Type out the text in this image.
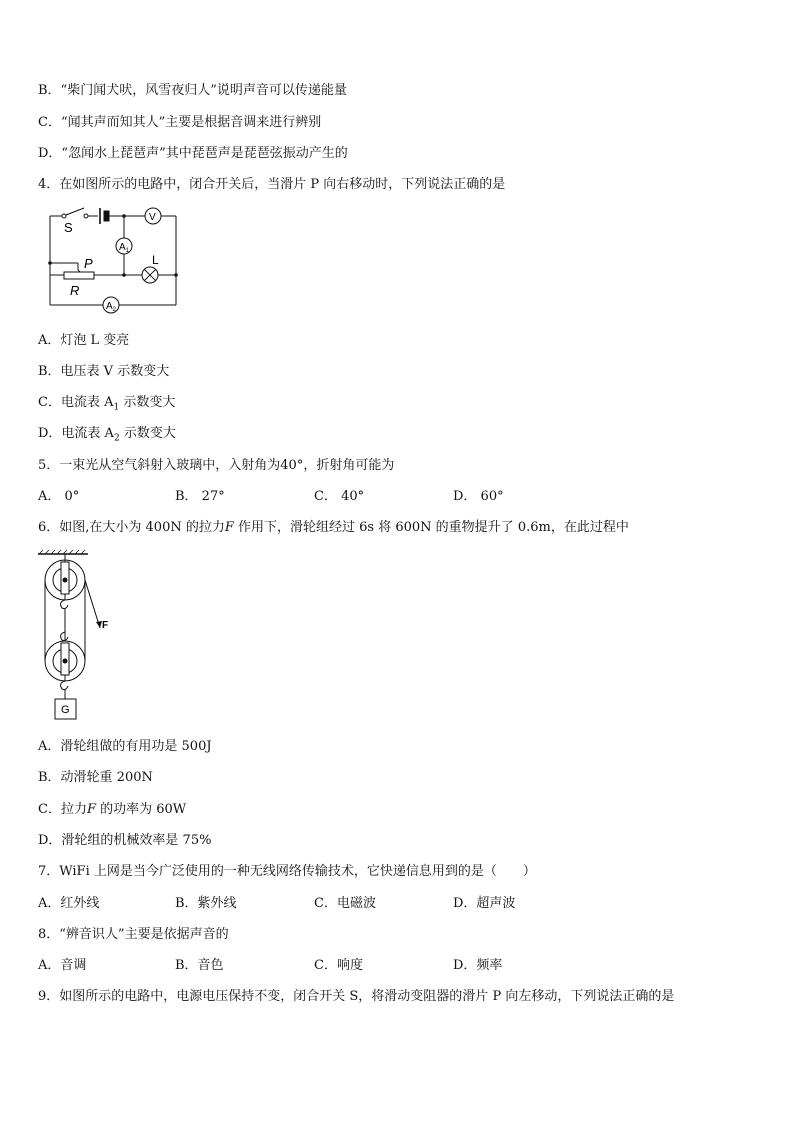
B．“柴门闻犬吠，风雪夜归人”说明声音可以传递能量
C．“闻其声而知其人”主要是根据音调来进行辨别
D．“忽闻水上琵琶声”其中琵琶声是琵琶弦振动产生的
4．在如图所示的电路中，闭合开关后，当滑片 P 向右移动时，下列说法正确的是
S
V
$A_1$
L
P
R
$A_2$
A．灯泡 L 变亮
B．电压表 V 示数变大
C．电流表 $A_1$ 示数变大
D．电流表 $A_2$ 示数变大
5．一束光从空气斜射入玻璃中，入射角为40°，折射角可能为
A． 0°	B． 27°	C． 40°	D． 60°
6．如图,在大小为 400N 的拉力F 作用下，滑轮组经过 6s 将 600N 的重物提升了 0.6m，在此过程中
F
G
A．滑轮组做的有用功是 500J
B．动滑轮重 200N
C．拉力F 的功率为 60W
D．滑轮组的机械效率是 75%
7．WiFi 上网是当今广泛使用的一种无线网络传输技术，它快递信息用到的是（　　）
A．红外线	B．紫外线	C．电磁波	D．超声波
8．“辨音识人”主要是依据声音的
A．音调	B．音色	C．响度	D．频率
9．如图所示的电路中，电源电压保持不变，闭合开关 S，将滑动变阻器的滑片 P 向左移动，下列说法正确的是
